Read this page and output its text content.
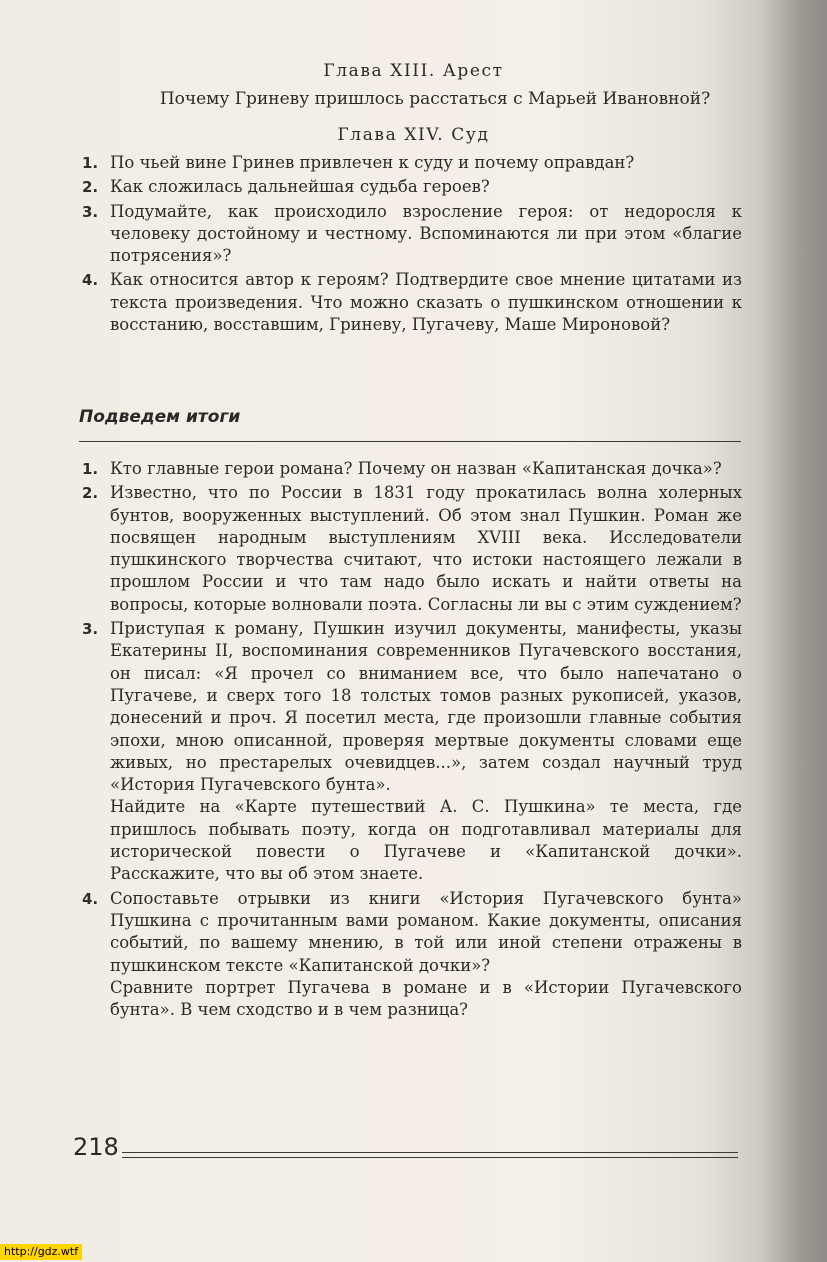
Глава XIII. Арест
Почему Гриневу пришлось расстаться с Марьей Ивановной?
Глава XIV. Суд
1. По чьей вине Гринев привлечен к суду и почему оправдан?
2. Как сложилась дальнейшая судьба героев?
3. Подумайте, как происходило взросление героя: от недоросля к человеку достойному и честному. Вспоминаются ли при этом «благие потрясения»?
4. Как относится автор к героям? Подтвердите свое мнение цитатами из текста произведения. Что можно сказать о пушкинском отношении к восстанию, восставшим, Гриневу, Пугачеву, Маше Мироновой?
Подведем итоги
1. Кто главные герои романа? Почему он назван «Капитанская дочка»?
2. Известно, что по России в 1831 году прокатилась волна холерных бунтов, вооруженных выступлений. Об этом знал Пушкин. Роман же посвящен народным выступлениям XVIII века. Исследователи пушкинского творчества считают, что истоки настоящего лежали в прошлом России и что там надо было искать и найти ответы на вопросы, которые волновали поэта. Согласны ли вы с этим суждением?
3. Приступая к роману, Пушкин изучил документы, манифесты, указы Екатерины II, воспоминания современников Пугачевского восстания, он писал: «Я прочел со вниманием все, что было напечатано о Пугачеве, и сверх того 18 толстых томов разных рукописей, указов, донесений и проч. Я посетил места, где произошли главные события эпохи, мною описанной, проверяя мертвые документы словами еще живых, но престарелых очевидцев...», затем создал научный труд «История Пугачевского бунта».
Найдите на «Карте путешествий А. С. Пушкина» те места, где пришлось побывать поэту, когда он подготавливал материалы для исторической повести о Пугачеве и «Капитанской дочки». Расскажите, что вы об этом знаете.
4. Сопоставьте отрывки из книги «История Пугачевского бунта» Пушкина с прочитанным вами романом. Какие документы, описания событий, по вашему мнению, в той или иной степени отражены в пушкинском тексте «Капитанской дочки»?
Сравните портрет Пугачева в романе и в «Истории Пугачевского бунта». В чем сходство и в чем разница?
218
http://gdz.wtf
